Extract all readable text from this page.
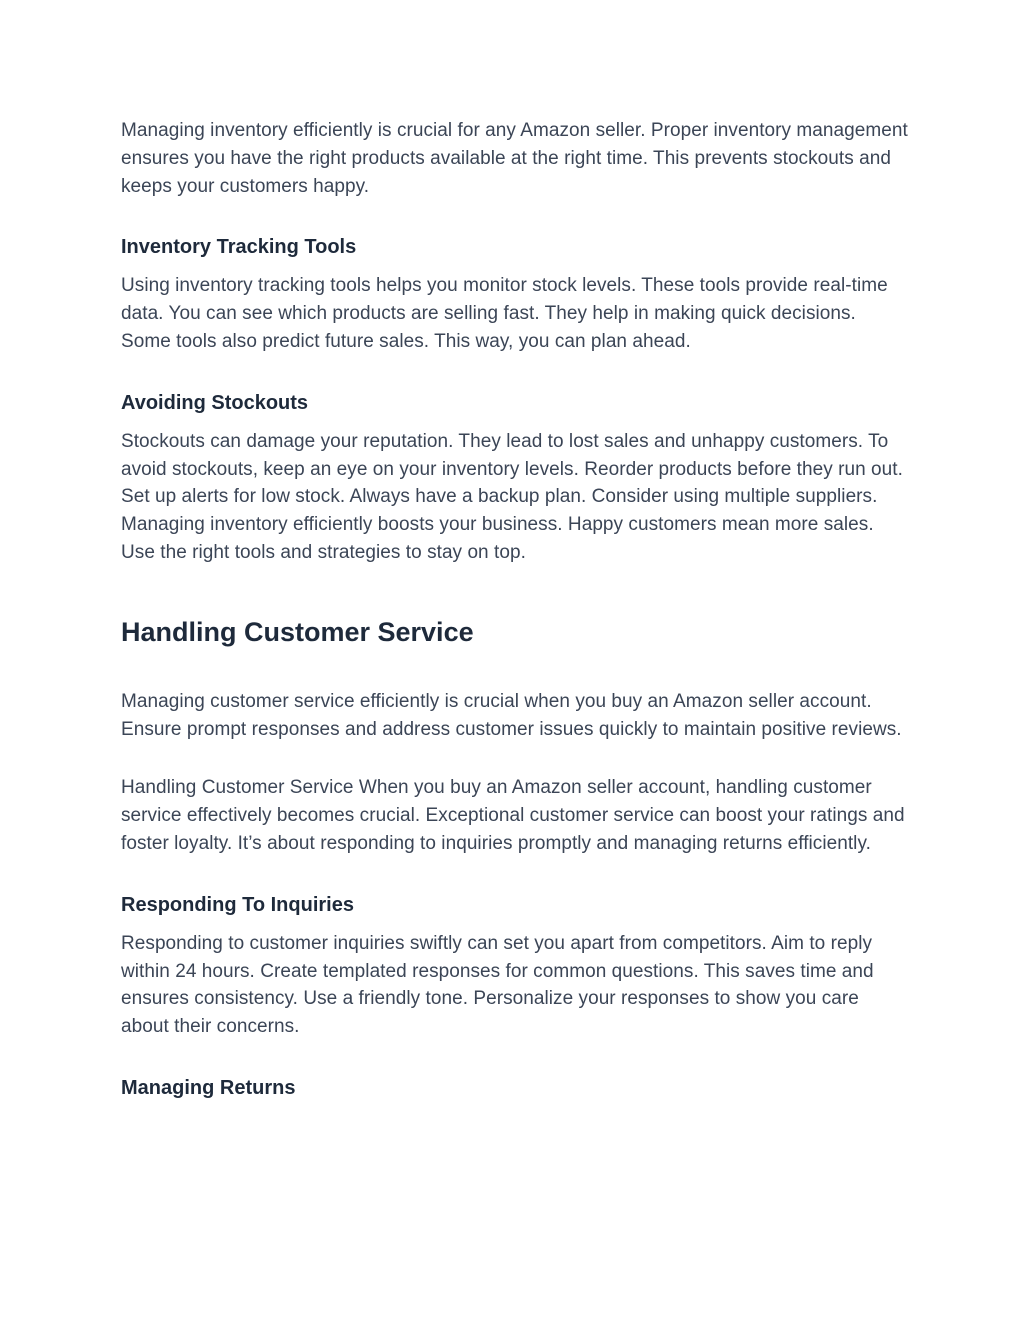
Managing inventory efficiently is crucial for any Amazon seller. Proper inventory management ensures you have the right products available at the right time. This prevents stockouts and keeps your customers happy.

Inventory Tracking Tools

Using inventory tracking tools helps you monitor stock levels. These tools provide real-time data. You can see which products are selling fast. They help in making quick decisions. Some tools also predict future sales. This way, you can plan ahead.

Avoiding Stockouts

Stockouts can damage your reputation. They lead to lost sales and unhappy customers. To avoid stockouts, keep an eye on your inventory levels. Reorder products before they run out. Set up alerts for low stock. Always have a backup plan. Consider using multiple suppliers. Managing inventory efficiently boosts your business. Happy customers mean more sales. Use the right tools and strategies to stay on top.

Handling Customer Service

Managing customer service efficiently is crucial when you buy an Amazon seller account. Ensure prompt responses and address customer issues quickly to maintain positive reviews.

Handling Customer Service When you buy an Amazon seller account, handling customer service effectively becomes crucial. Exceptional customer service can boost your ratings and foster loyalty. It’s about responding to inquiries promptly and managing returns efficiently.

Responding To Inquiries

Responding to customer inquiries swiftly can set you apart from competitors. Aim to reply within 24 hours. Create templated responses for common questions. This saves time and ensures consistency. Use a friendly tone. Personalize your responses to show you care about their concerns.

Managing Returns
